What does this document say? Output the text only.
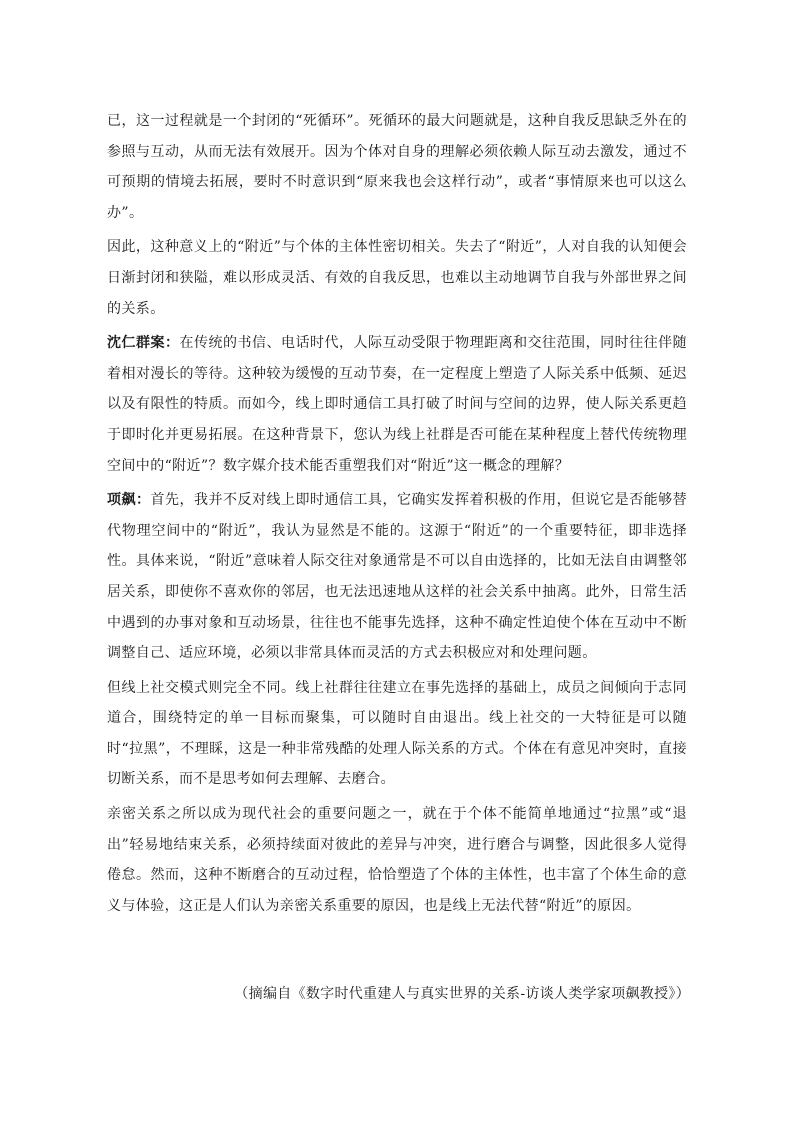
已，这一过程就是一个封闭的“死循环”。死循环的最大问题就是，这种自我反思缺乏外在的参照与互动，从而无法有效展开。因为个体对自身的理解必须依赖人际互动去激发，通过不可预期的情境去拓展，要时不时意识到“原来我也会这样行动”，或者“事情原来也可以这么办”。

因此，这种意义上的“附近”与个体的主体性密切相关。失去了“附近”，人对自我的认知便会日渐封闭和狭隘，难以形成灵活、有效的自我反思，也难以主动地调节自我与外部世界之间的关系。

沈仁群案：在传统的书信、电话时代，人际互动受限于物理距离和交往范围，同时往往伴随着相对漫长的等待。这种较为缓慢的互动节奏，在一定程度上塑造了人际关系中低频、延迟以及有限性的特质。而如今，线上即时通信工具打破了时间与空间的边界，使人际关系更趋于即时化并更易拓展。在这种背景下，您认为线上社群是否可能在某种程度上替代传统物理空间中的“附近”？数字媒介技术能否重塑我们对“附近”这一概念的理解？

项飙：首先，我并不反对线上即时通信工具，它确实发挥着积极的作用，但说它是否能够替代物理空间中的“附近”，我认为显然是不能的。这源于“附近”的一个重要特征，即非选择性。具体来说，“附近”意味着人际交往对象通常是不可以自由选择的，比如无法自由调整邻居关系，即使你不喜欢你的邻居，也无法迅速地从这样的社会关系中抽离。此外，日常生活中遇到的办事对象和互动场景，往往也不能事先选择，这种不确定性迫使个体在互动中不断调整自己、适应环境，必须以非常具体而灵活的方式去积极应对和处理问题。

但线上社交模式则完全不同。线上社群往往建立在事先选择的基础上，成员之间倾向于志同道合，围绕特定的单一目标而聚集，可以随时自由退出。线上社交的一大特征是可以随时“拉黑”，不理睬，这是一种非常残酷的处理人际关系的方式。个体在有意见冲突时，直接切断关系，而不是思考如何去理解、去磨合。

亲密关系之所以成为现代社会的重要问题之一，就在于个体不能简单地通过“拉黑”或“退出”轻易地结束关系，必须持续面对彼此的差异与冲突，进行磨合与调整，因此很多人觉得倦怠。然而，这种不断磨合的互动过程，恰恰塑造了个体的主体性，也丰富了个体生命的意义与体验，这正是人们认为亲密关系重要的原因，也是线上无法代替“附近”的原因。

（摘编自《数字时代重建人与真实世界的关系-访谈人类学家项飙教授》）
